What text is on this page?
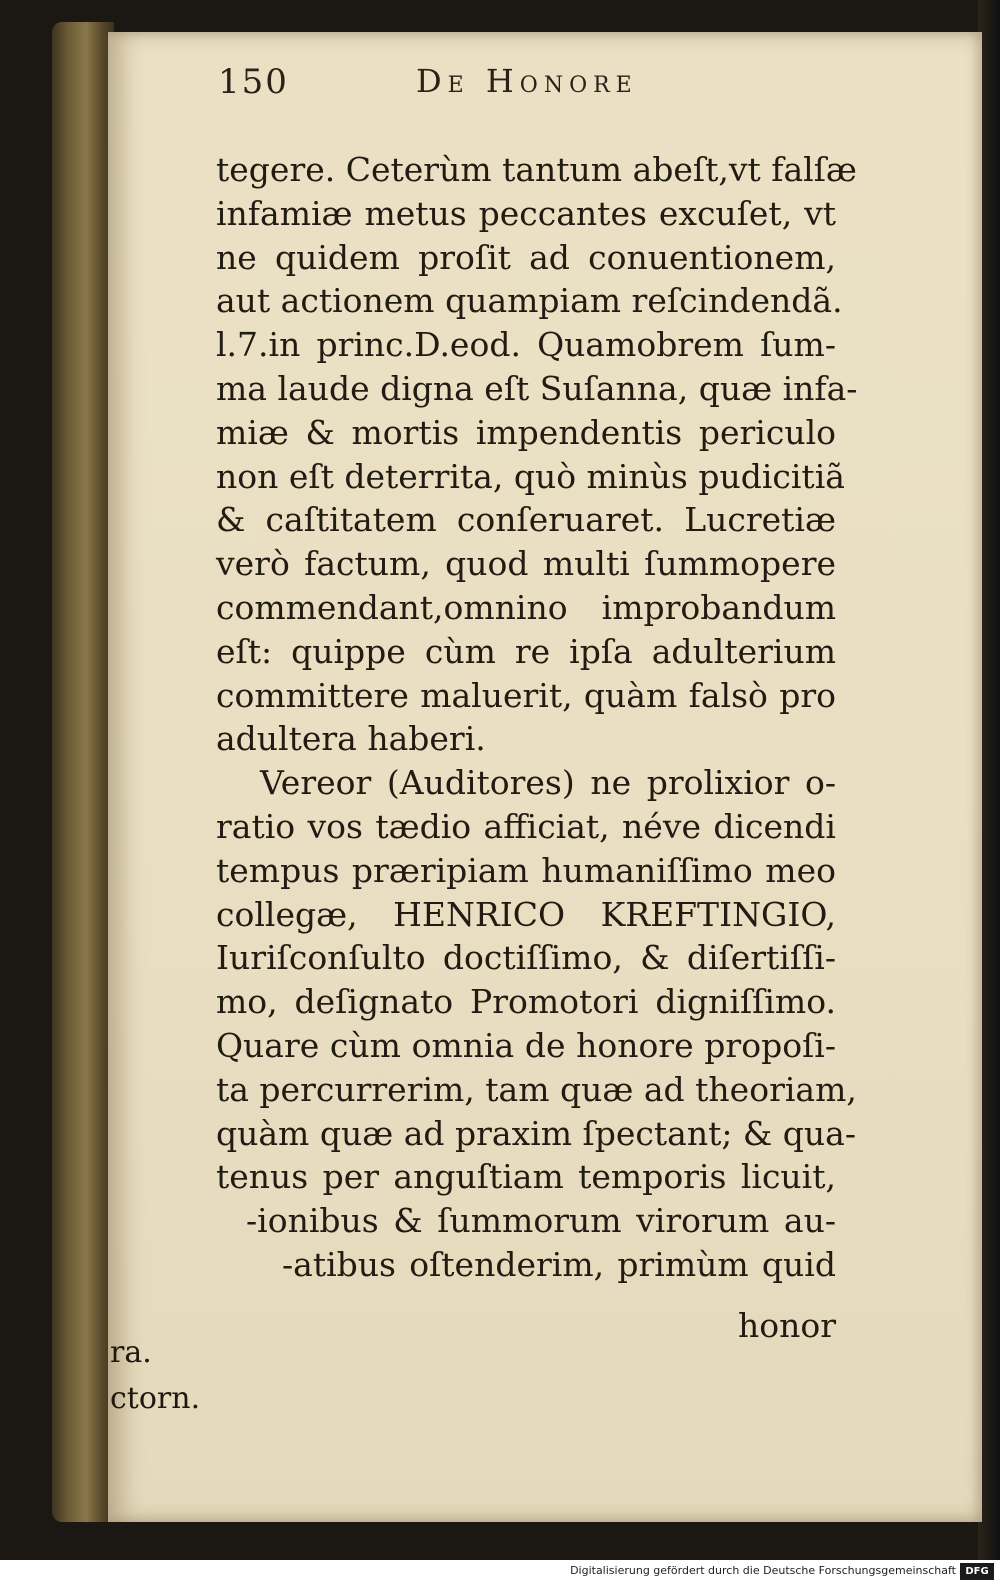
150	De Honore
tegere. Ceterùm tantum abeſt,vt falſæ
infamiæ metus peccantes excuſet, vt
ne quidem proſit ad conuentionem,
aut actionem quampiam reſcindendã.
l.7.in princ.D.eod. Quamobrem ſum-
ma laude digna eſt Suſanna, quæ infa-
miæ & mortis impendentis periculo
non eſt deterrita, quò minùs pudicitiã
& caſtitatem conſeruaret. Lucretiæ
verò factum, quod multi ſummopere
commendant,omnino improbandum
eſt: quippe cùm re ipſa adulterium
committere maluerit, quàm falsò pro
adultera haberi.
Vereor (Auditores) ne prolixior o-
ratio vos tædio afficiat, néve dicendi
tempus præripiam humaniſſimo meo
collegæ, HENRICO KREFTINGIO,
Iuriſconſulto doctiſſimo, & diſertiſſi-
mo, deſignato Promotori digniſſimo.
Quare cùm omnia de honore propoſi-
ta percurrerim, tam quæ ad theoriam,
quàm quæ ad praxim ſpectant; & qua-
tenus per anguſtiam temporis licuit,
-ionibus & ſummorum virorum au-
-atibus oſtenderim, primùm quid
honor
ra.
ctorn.
Digitalisierung gefördert durch die Deutsche Forschungsgemeinschaft DFG
